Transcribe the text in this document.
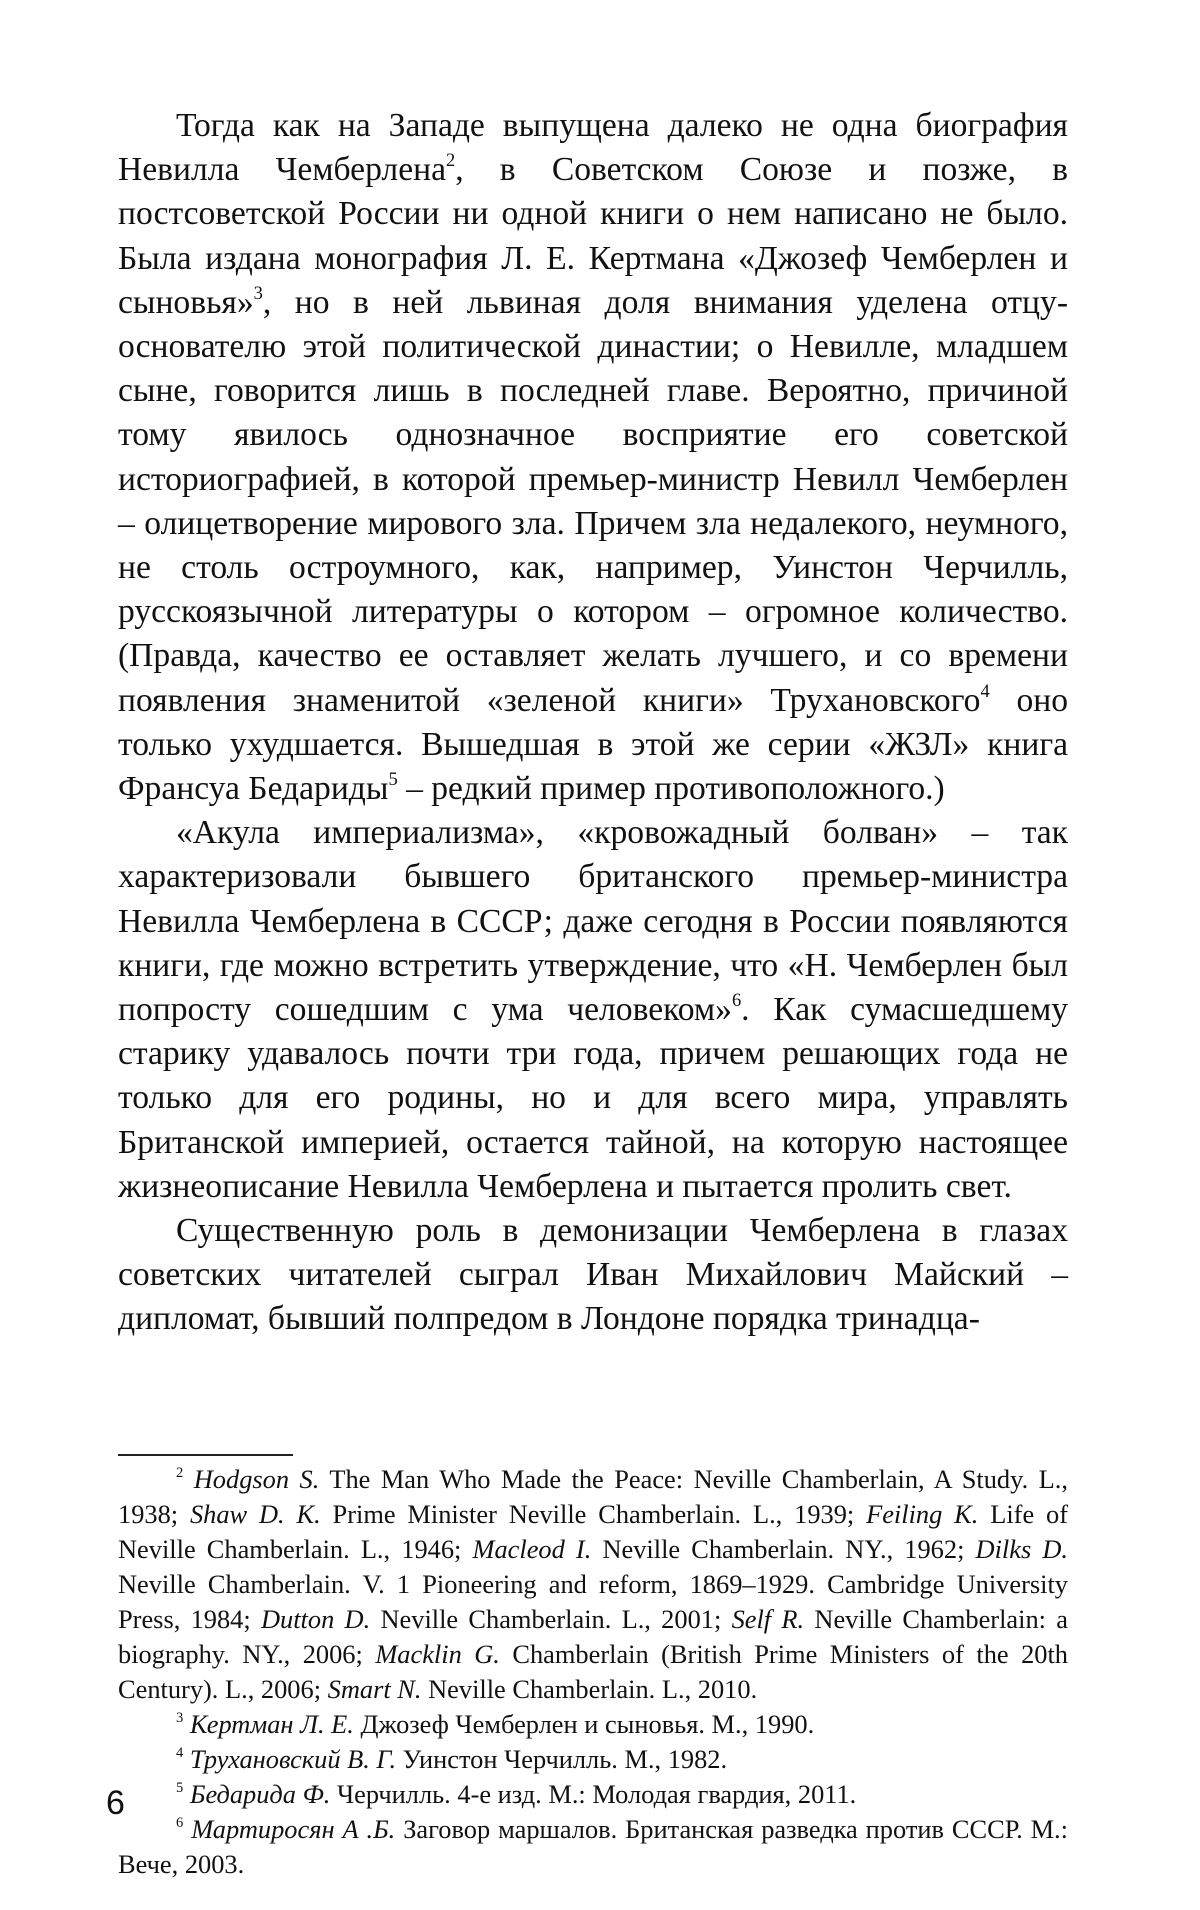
Тогда как на Западе выпущена далеко не одна биография Невилла Чемберлена$^2$, в Советском Союзе и позже, в постсоветской России ни одной книги о нем написано не было. Была издана монография Л. Е. Кертмана «Джозеф Чемберлен и сыновья»$^3$, но в ней львиная доля внимания уделена отцу-основателю этой политической династии; о Невилле, младшем сыне, говорится лишь в последней главе. Вероятно, причиной тому явилось однозначное восприятие его советской историографией, в которой премьер-министр Невилл Чемберлен – олицетворение мирового зла. Причем зла недалекого, неумного, не столь остроумного, как, например, Уинстон Черчилль, русскоязычной литературы о котором – огромное количество. (Правда, качество ее оставляет желать лучшего, и со времени появления знаменитой «зеленой книги» Трухановского$^4$ оно только ухудшается. Вышедшая в этой же серии «ЖЗЛ» книга Франсуа Бедариды$^5$ – редкий пример противоположного.)

«Акула империализма», «кровожадный болван» – так характеризовали бывшего британского премьер-министра Невилла Чемберлена в СССР; даже сегодня в России появляются книги, где можно встретить утверждение, что «Н. Чемберлен был попросту сошедшим с ума человеком»$^6$. Как сумасшедшему старику удавалось почти три года, причем решающих года не только для его родины, но и для всего мира, управлять Британской империей, остается тайной, на которую настоящее жизнеописание Невилла Чемберлена и пытается пролить свет.

Существенную роль в демонизации Чемберлена в глазах советских читателей сыграл Иван Михайлович Майский – дипломат, бывший полпредом в Лондоне порядка тринадца-

$^2$ Hodgson S. The Man Who Made the Peace: Neville Chamberlain, A Study. L., 1938; Shaw D. K. Prime Minister Neville Chamberlain. L., 1939; Feiling K. Life of Neville Chamberlain. L., 1946; Macleod I. Neville Chamberlain. NY., 1962; Dilks D. Neville Chamberlain. V. 1 Pioneering and reform, 1869–1929. Cambridge University Press, 1984; Dutton D. Neville Chamberlain. L., 2001; Self R. Neville Chamberlain: a biography. NY., 2006; Macklin G. Chamberlain (British Prime Ministers of the 20th Century). L., 2006; Smart N. Neville Chamberlain. L., 2010.

$^3$ Кертман Л. Е. Джозеф Чемберлен и сыновья. М., 1990.

$^4$ Трухановский В. Г. Уинстон Черчилль. М., 1982.

$^5$ Бедарида Ф. Черчилль. 4-е изд. М.: Молодая гвардия, 2011.

$^6$ Мартиросян А .Б. Заговор маршалов. Британская разведка против СССР. М.: Вече, 2003.

6
